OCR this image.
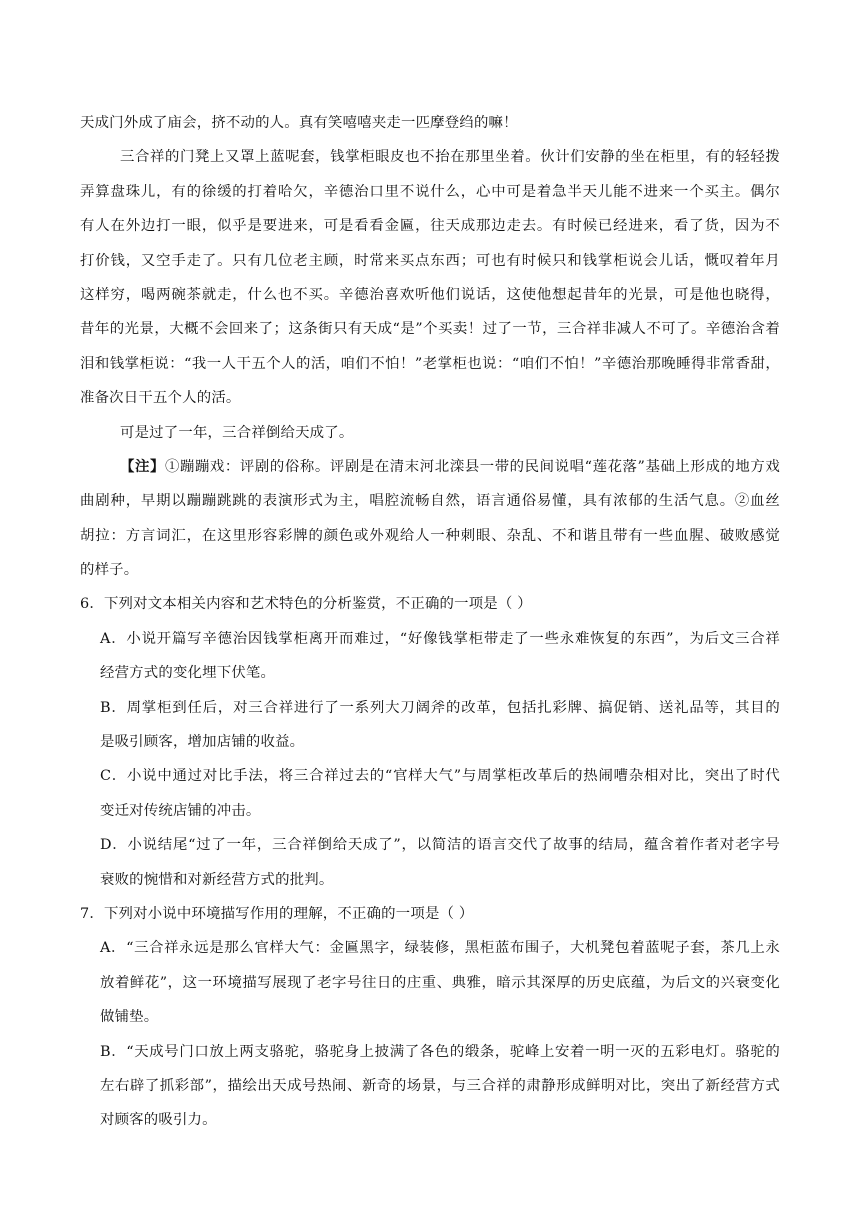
天成门外成了庙会，挤不动的人。真有笑嘻嘻夹走一匹摩登绉的嘛！
三合祥的门凳上又罩上蓝呢套，钱掌柜眼皮也不抬在那里坐着。伙计们安静的坐在柜里，有的轻轻拨
弄算盘珠儿，有的徐缓的打着哈欠，辛德治口里不说什么，心中可是着急半天儿能不进来一个买主。偶尔
有人在外边打一眼，似乎是要进来，可是看看金匾，往天成那边走去。有时候已经进来，看了货，因为不
打价钱，又空手走了。只有几位老主顾，时常来买点东西；可也有时候只和钱掌柜说会儿话，慨叹着年月
这样穷，喝两碗茶就走，什么也不买。辛德治喜欢听他们说话，这使他想起昔年的光景，可是他也晓得，
昔年的光景，大概不会回来了；这条街只有天成“是”个买卖！过了一节，三合祥非减人不可了。辛德治含着
泪和钱掌柜说：“我一人干五个人的活，咱们不怕！”老掌柜也说：“咱们不怕！”辛德治那晚睡得非常香甜，
准备次日干五个人的活。
可是过了一年，三合祥倒给天成了。
【注】①蹦蹦戏：评剧的俗称。评剧是在清末河北滦县一带的民间说唱“莲花落”基础上形成的地方戏
曲剧种，早期以蹦蹦跳跳的表演形式为主，唱腔流畅自然，语言通俗易懂，具有浓郁的生活气息。②血丝
胡拉：方言词汇，在这里形容彩牌的颜色或外观给人一种刺眼、杂乱、不和谐且带有一些血腥、破败感觉
的样子。
6．下列对文本相关内容和艺术特色的分析鉴赏，不正确的一项是（ ）
A．小说开篇写辛德治因钱掌柜离开而难过，“好像钱掌柜带走了一些永难恢复的东西”，为后文三合祥
经营方式的变化埋下伏笔。
B．周掌柜到任后，对三合祥进行了一系列大刀阔斧的改革，包括扎彩牌、搞促销、送礼品等，其目的
是吸引顾客，增加店铺的收益。
C．小说中通过对比手法，将三合祥过去的“官样大气”与周掌柜改革后的热闹嘈杂相对比，突出了时代
变迁对传统店铺的冲击。
D．小说结尾“过了一年，三合祥倒给天成了”，以简洁的语言交代了故事的结局，蕴含着作者对老字号
衰败的惋惜和对新经营方式的批判。
7．下列对小说中环境描写作用的理解，不正确的一项是（ ）
A．“三合祥永远是那么官样大气：金匾黑字，绿装修，黑柜蓝布围子，大机凳包着蓝呢子套，茶几上永
放着鲜花”，这一环境描写展现了老字号往日的庄重、典雅，暗示其深厚的历史底蕴，为后文的兴衰变化
做铺垫。
B．“天成号门口放上两支骆驼，骆驼身上披满了各色的缎条，驼峰上安着一明一灭的五彩电灯。骆驼的
左右辟了抓彩部”，描绘出天成号热闹、新奇的场景，与三合祥的肃静形成鲜明对比，突出了新经营方式
对顾客的吸引力。
